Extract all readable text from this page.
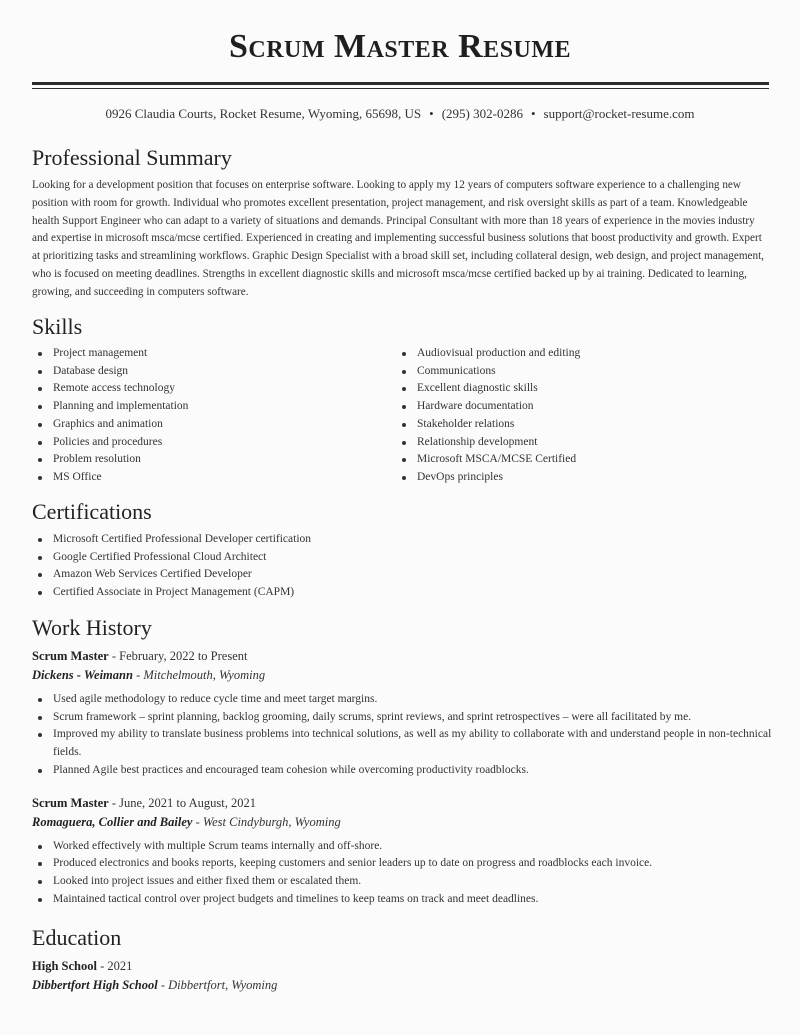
Scrum Master Resume
0926 Claudia Courts, Rocket Resume, Wyoming, 65698, US • (295) 302-0286 • support@rocket-resume.com
Professional Summary

Looking for a development position that focuses on enterprise software. Looking to apply my 12 years of computers software experience to a challenging new position with room for growth. Individual who promotes excellent presentation, project management, and risk oversight skills as part of a team. Knowledgeable health Support Engineer who can adapt to a variety of situations and demands. Principal Consultant with more than 18 years of experience in the movies industry and expertise in microsoft msca/mcse certified. Experienced in creating and implementing successful business solutions that boost productivity and growth. Expert at prioritizing tasks and streamlining workflows. Graphic Design Specialist with a broad skill set, including collateral design, web design, and project management, who is focused on meeting deadlines. Strengths in excellent diagnostic skills and microsoft msca/mcse certified backed up by ai training. Dedicated to learning, growing, and succeeding in computers software.

Skills
Project management
Database design
Remote access technology
Planning and implementation
Graphics and animation
Policies and procedures
Problem resolution
MS Office
Audiovisual production and editing
Communications
Excellent diagnostic skills
Hardware documentation
Stakeholder relations
Relationship development
Microsoft MSCA/MCSE Certified
DevOps principles
Certifications
Microsoft Certified Professional Developer certification
Google Certified Professional Cloud Architect
Amazon Web Services Certified Developer
Certified Associate in Project Management (CAPM)
Work History
Scrum Master - February, 2022 to Present
Dickens - Weimann - Mitchelmouth, Wyoming
Used agile methodology to reduce cycle time and meet target margins.
Scrum framework – sprint planning, backlog grooming, daily scrums, sprint reviews, and sprint retrospectives – were all facilitated by me.
Improved my ability to translate business problems into technical solutions, as well as my ability to collaborate with and understand people in non-technical fields.
Planned Agile best practices and encouraged team cohesion while overcoming productivity roadblocks.
Scrum Master - June, 2021 to August, 2021
Romaguera, Collier and Bailey - West Cindyburgh, Wyoming
Worked effectively with multiple Scrum teams internally and off-shore.
Produced electronics and books reports, keeping customers and senior leaders up to date on progress and roadblocks each invoice.
Looked into project issues and either fixed them or escalated them.
Maintained tactical control over project budgets and timelines to keep teams on track and meet deadlines.
Education
High School - 2021
Dibbertfort High School - Dibbertfort, Wyoming
